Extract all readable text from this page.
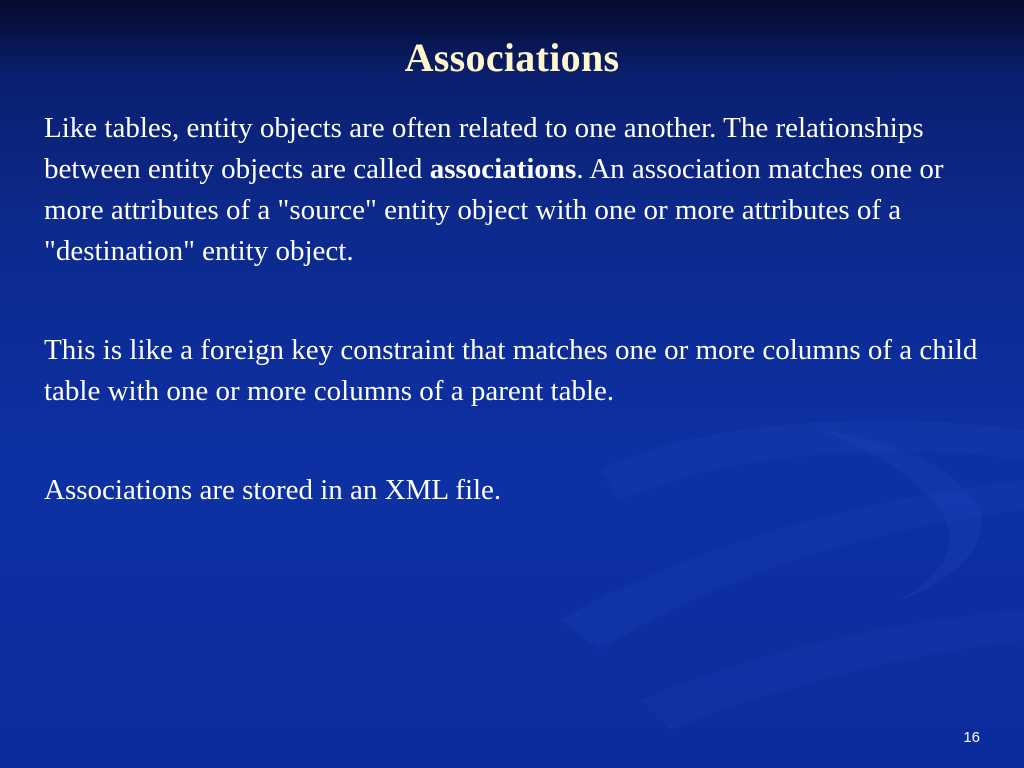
Associations

Like tables, entity objects are often related to one another. The relationships between entity objects are called associations. An association matches one or more attributes of a "source" entity object with one or more attributes of a "destination" entity object.

This is like a foreign key constraint that matches one or more columns of a child table with one or more columns of a parent table.

Associations are stored in an XML file.

16
